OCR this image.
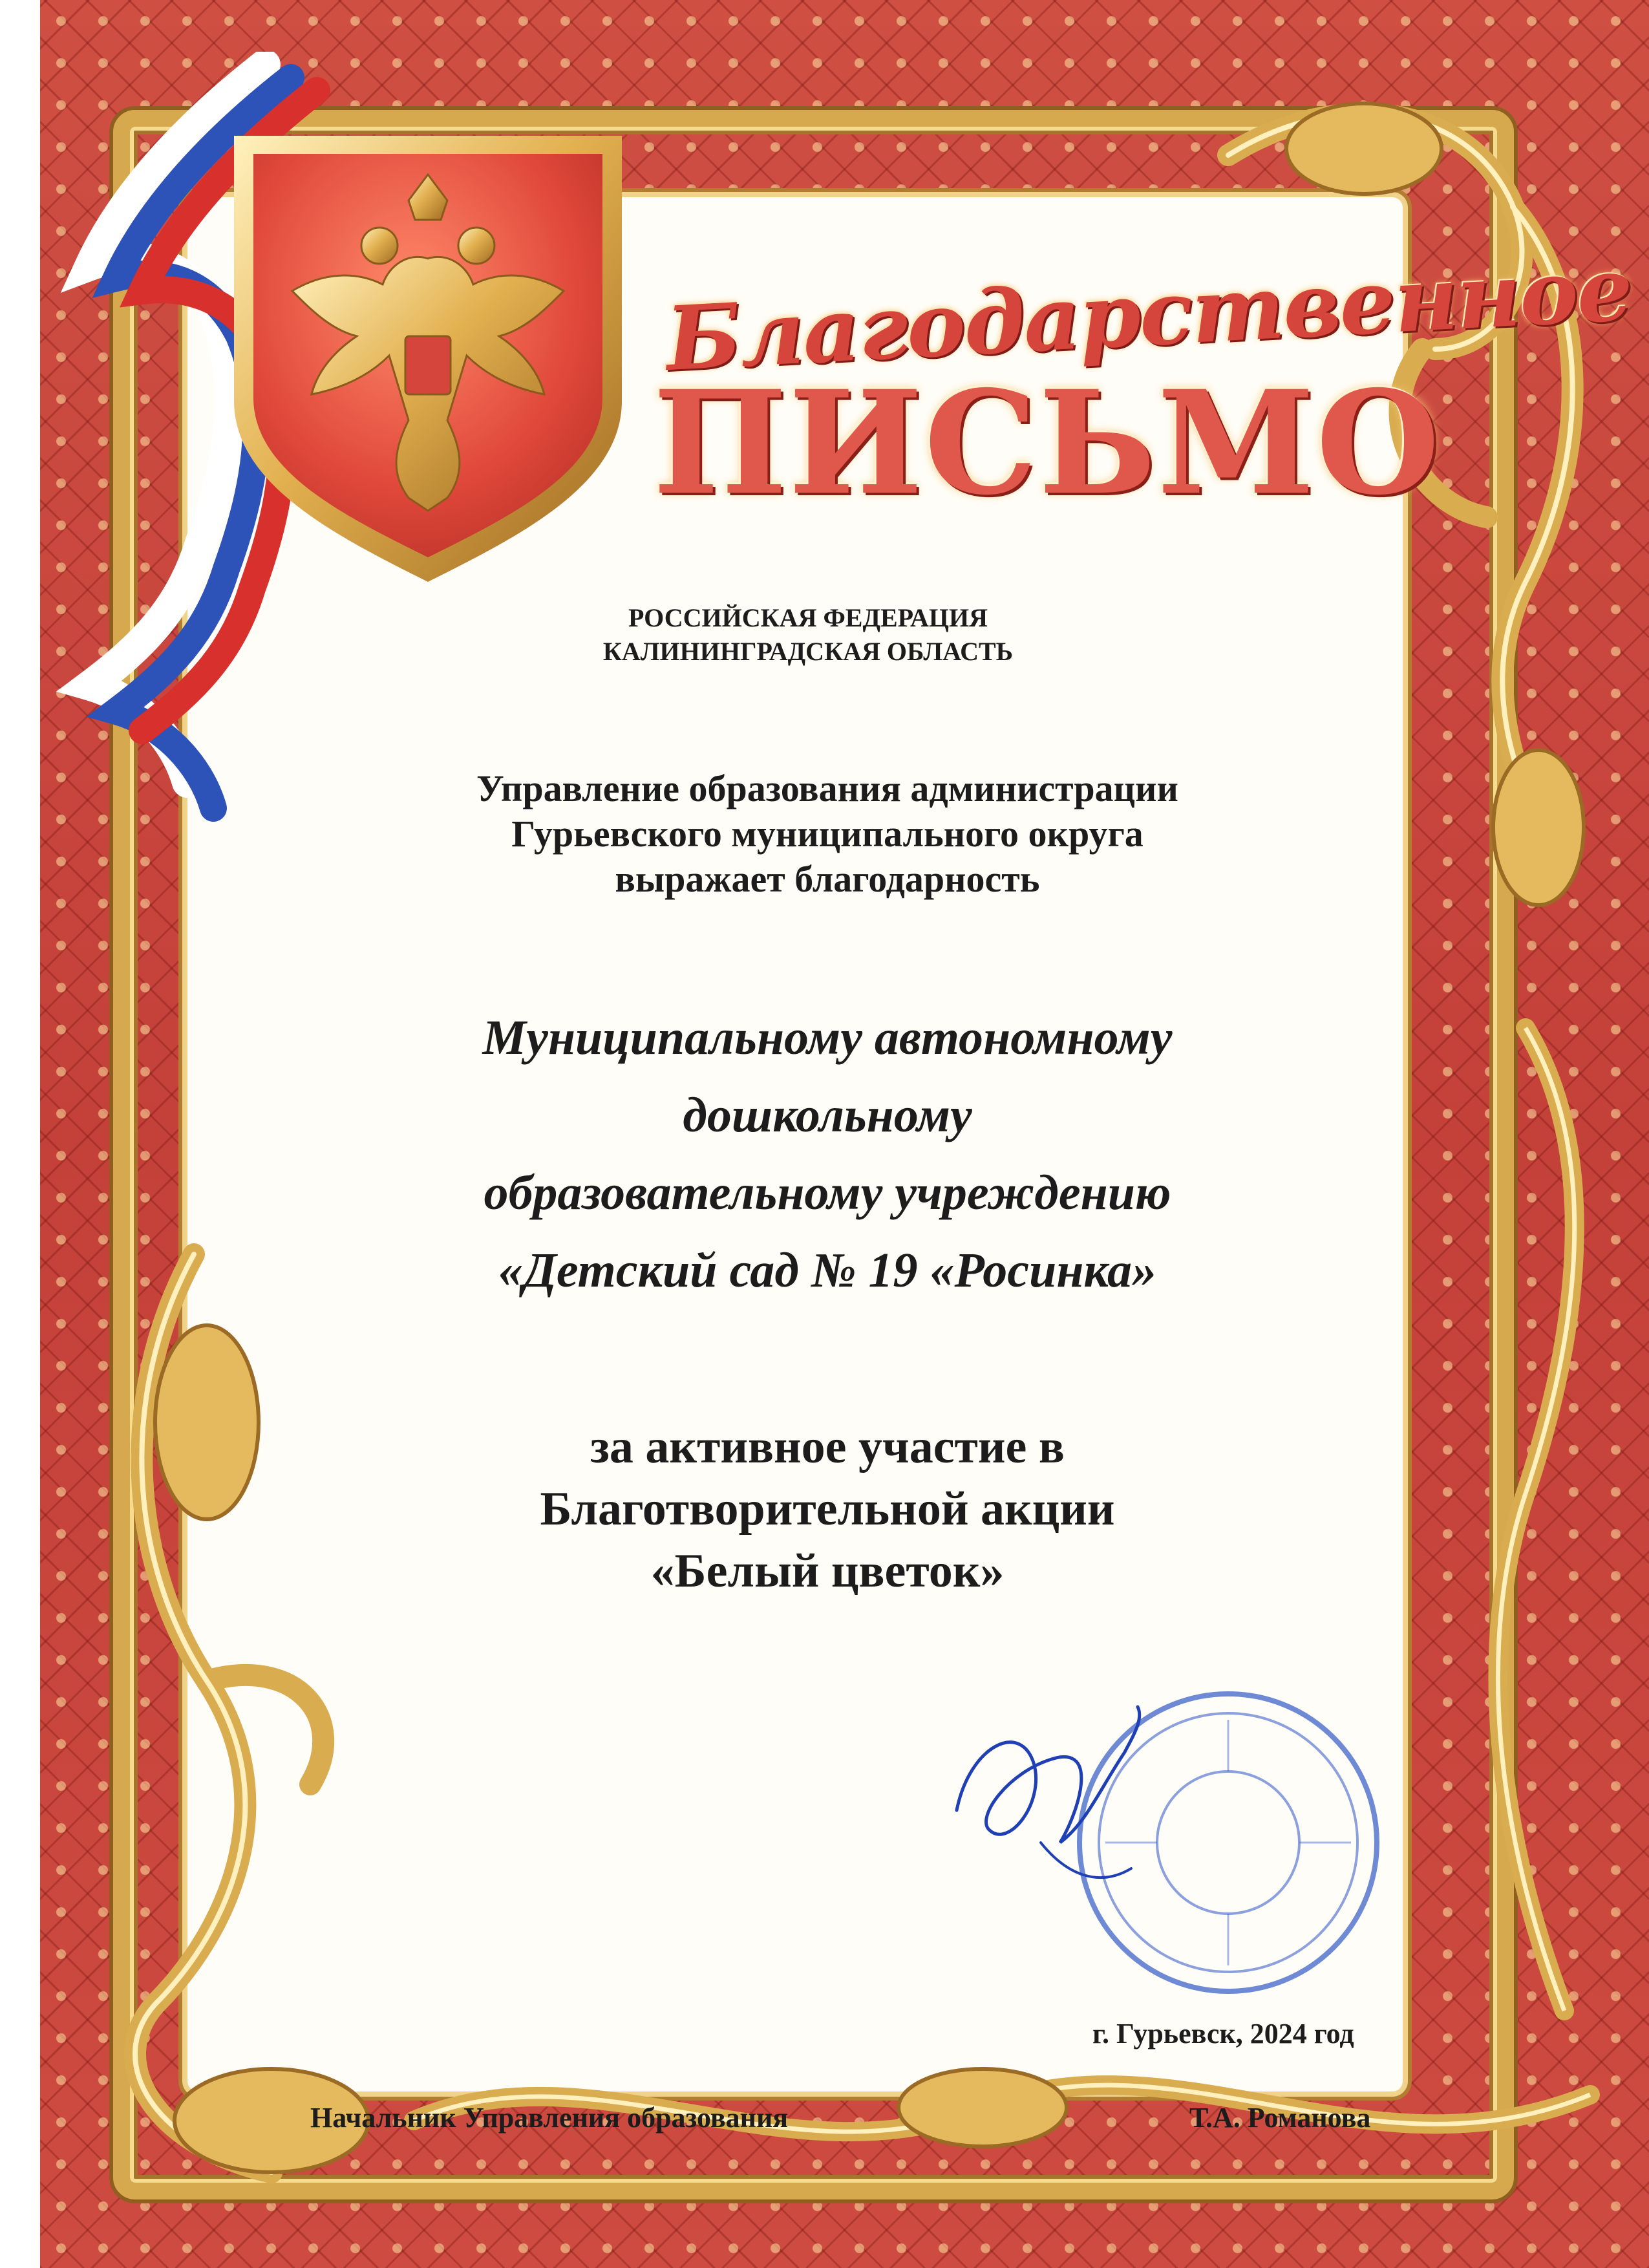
Благодарственное
ПИСЬМО
РОССИЙСКАЯ ФЕДЕРАЦИЯ
КАЛИНИНГРАДСКАЯ ОБЛАСТЬ
Управление образования администрации
Гурьевского муниципального округа
выражает благодарность
Муниципальному автономному
дошкольному
образовательному учреждению
«Детский сад № 19 «Росинка»
за активное участие в
Благотворительной акции
«Белый цветок»
Начальник Управления образования	Т.А. Романова
г. Гурьевск, 2024 год
